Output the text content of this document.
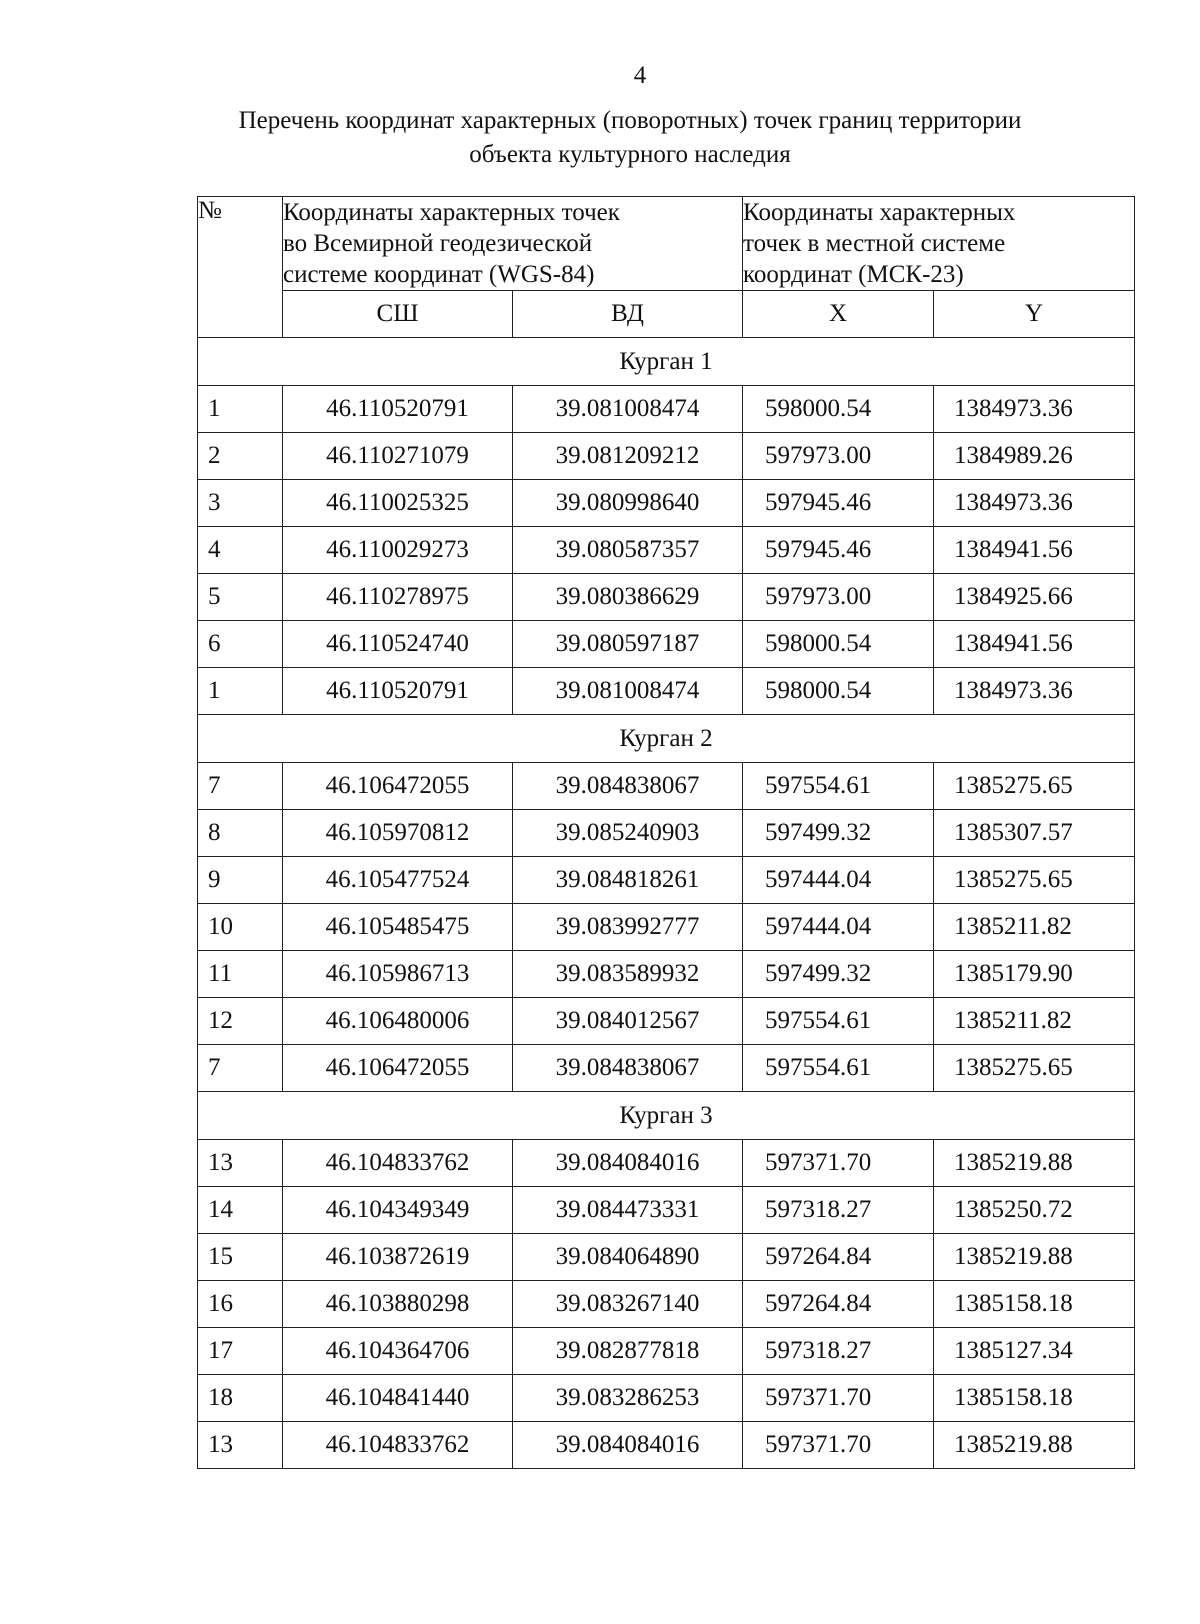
4
Перечень координат характерных (поворотных) точек границ территории
объекта культурного наследия
№	Координаты характерных точек
во Всемирной геодезической
системе координат (WGS-84)		Координаты характерных
точек в местной системе
координат (МСК-23)	

	СШ	ВД	X	Y
Курган 1				
1	46.110520791	39.081008474	598000.54	1384973.36
2	46.110271079	39.081209212	597973.00	1384989.26
3	46.110025325	39.080998640	597945.46	1384973.36
4	46.110029273	39.080587357	597945.46	1384941.56
5	46.110278975	39.080386629	597973.00	1384925.66
6	46.110524740	39.080597187	598000.54	1384941.56
1	46.110520791	39.081008474	598000.54	1384973.36
Курган 2				
7	46.106472055	39.084838067	597554.61	1385275.65
8	46.105970812	39.085240903	597499.32	1385307.57
9	46.105477524	39.084818261	597444.04	1385275.65
10	46.105485475	39.083992777	597444.04	1385211.82
11	46.105986713	39.083589932	597499.32	1385179.90
12	46.106480006	39.084012567	597554.61	1385211.82
7	46.106472055	39.084838067	597554.61	1385275.65
Курган 3				
13	46.104833762	39.084084016	597371.70	1385219.88
14	46.104349349	39.084473331	597318.27	1385250.72
15	46.103872619	39.084064890	597264.84	1385219.88
16	46.103880298	39.083267140	597264.84	1385158.18
17	46.104364706	39.082877818	597318.27	1385127.34
18	46.104841440	39.083286253	597371.70	1385158.18
13	46.104833762	39.084084016	597371.70	1385219.88
